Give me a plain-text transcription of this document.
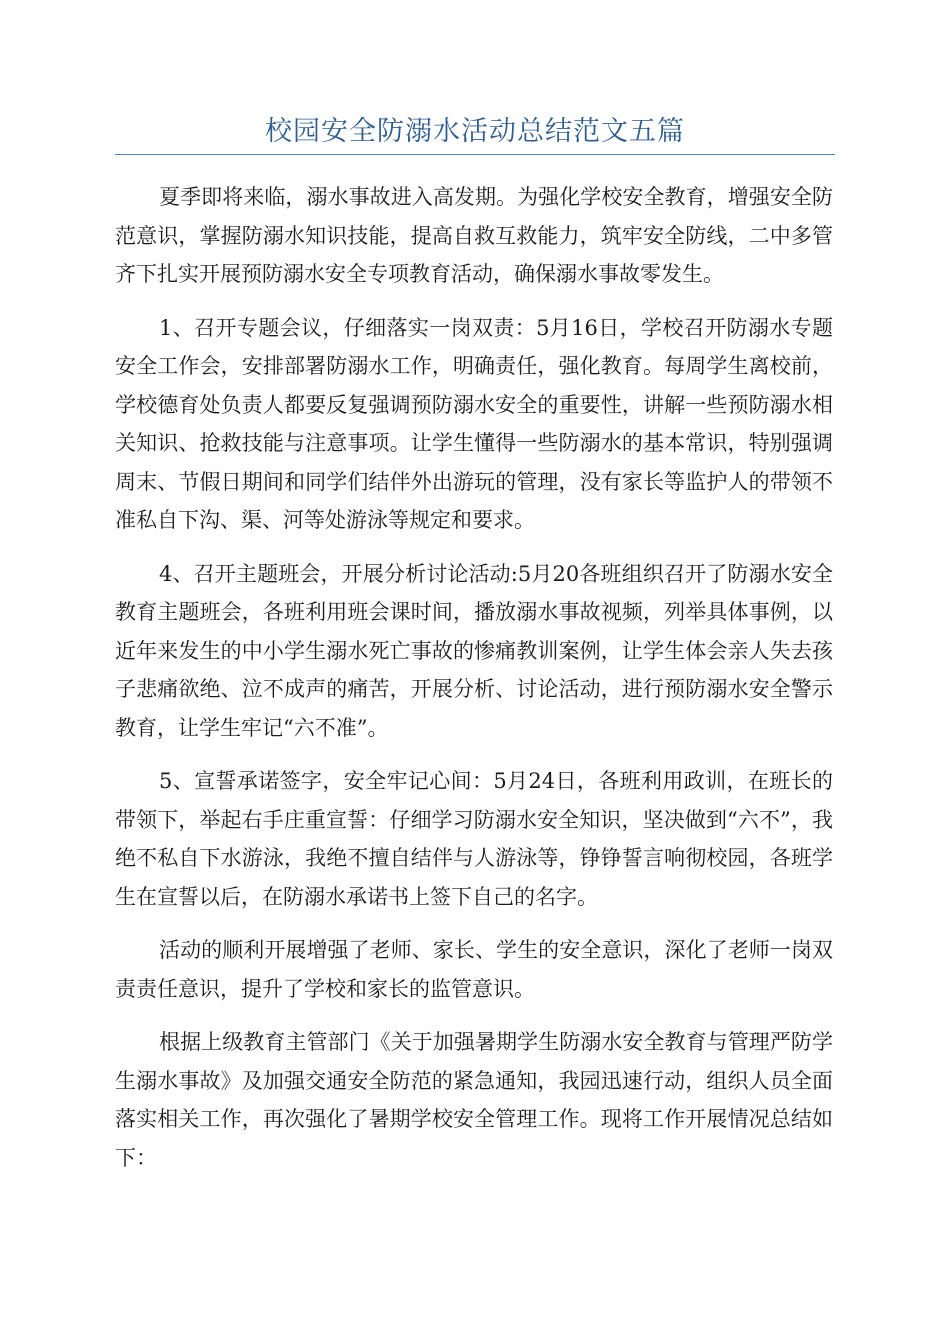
校园安全防溺水活动总结范文五篇

夏季即将来临，溺水事故进入高发期。为强化学校安全教育，增强安全防范意识，掌握防溺水知识技能，提高自救互救能力，筑牢安全防线，二中多管齐下扎实开展预防溺水安全专项教育活动，确保溺水事故零发生。

1、召开专题会议，仔细落实一岗双责：5月16日，学校召开防溺水专题安全工作会，安排部署防溺水工作，明确责任，强化教育。每周学生离校前，学校德育处负责人都要反复强调预防溺水安全的重要性，讲解一些预防溺水相关知识、抢救技能与注意事项。让学生懂得一些防溺水的基本常识，特别强调周末、节假日期间和同学们结伴外出游玩的管理，没有家长等监护人的带领不准私自下沟、渠、河等处游泳等规定和要求。

4、召开主题班会，开展分析讨论活动:5月20各班组织召开了防溺水安全教育主题班会，各班利用班会课时间，播放溺水事故视频，列举具体事例，以近年来发生的中小学生溺水死亡事故的惨痛教训案例，让学生体会亲人失去孩子悲痛欲绝、泣不成声的痛苦，开展分析、讨论活动，进行预防溺水安全警示教育，让学生牢记“六不准”。

5、宣誓承诺签字，安全牢记心间：5月24日，各班利用政训，在班长的带领下，举起右手庄重宣誓：仔细学习防溺水安全知识，坚决做到“六不”，我绝不私自下水游泳，我绝不擅自结伴与人游泳等，铮铮誓言响彻校园，各班学生在宣誓以后，在防溺水承诺书上签下自己的名字。

活动的顺利开展增强了老师、家长、学生的安全意识，深化了老师一岗双责责任意识，提升了学校和家长的监管意识。

根据上级教育主管部门《关于加强暑期学生防溺水安全教育与管理严防学生溺水事故》及加强交通安全防范的紧急通知，我园迅速行动，组织人员全面落实相关工作，再次强化了暑期学校安全管理工作。现将工作开展情况总结如下：
